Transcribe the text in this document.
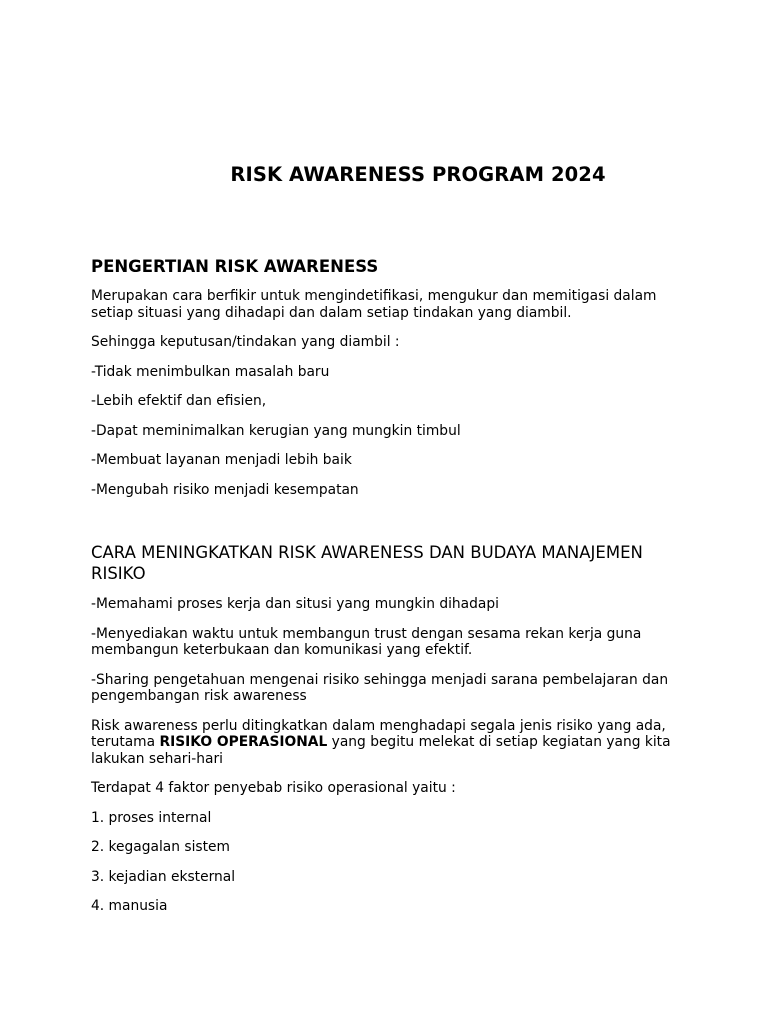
RISK AWARENESS PROGRAM 2024
PENGERTIAN RISK AWARENESS

Merupakan cara berfikir untuk mengindetifikasi, mengukur dan memitigasi dalam setiap situasi yang dihadapi dan dalam setiap tindakan yang diambil.

Sehingga keputusan/tindakan yang diambil :

-Tidak menimbulkan masalah baru

-Lebih efektif dan efisien,

-Dapat meminimalkan kerugian yang mungkin timbul

-Membuat layanan menjadi lebih baik

-Mengubah risiko menjadi kesempatan

CARA MENINGKATKAN RISK AWARENESS DAN BUDAYA MANAJEMEN RISIKO

-Memahami proses kerja dan situsi yang mungkin dihadapi

-Menyediakan waktu untuk membangun trust dengan sesama rekan kerja guna membangun keterbukaan dan komunikasi yang efektif.

-Sharing pengetahuan mengenai risiko sehingga menjadi sarana pembelajaran dan pengembangan risk awareness

Risk awareness perlu ditingkatkan dalam menghadapi segala jenis risiko yang ada, terutama RISIKO OPERASIONAL yang begitu melekat di setiap kegiatan yang kita lakukan sehari-hari

Terdapat 4 faktor penyebab risiko operasional yaitu :

1. proses internal

2. kegagalan sistem

3. kejadian eksternal

4. manusia
